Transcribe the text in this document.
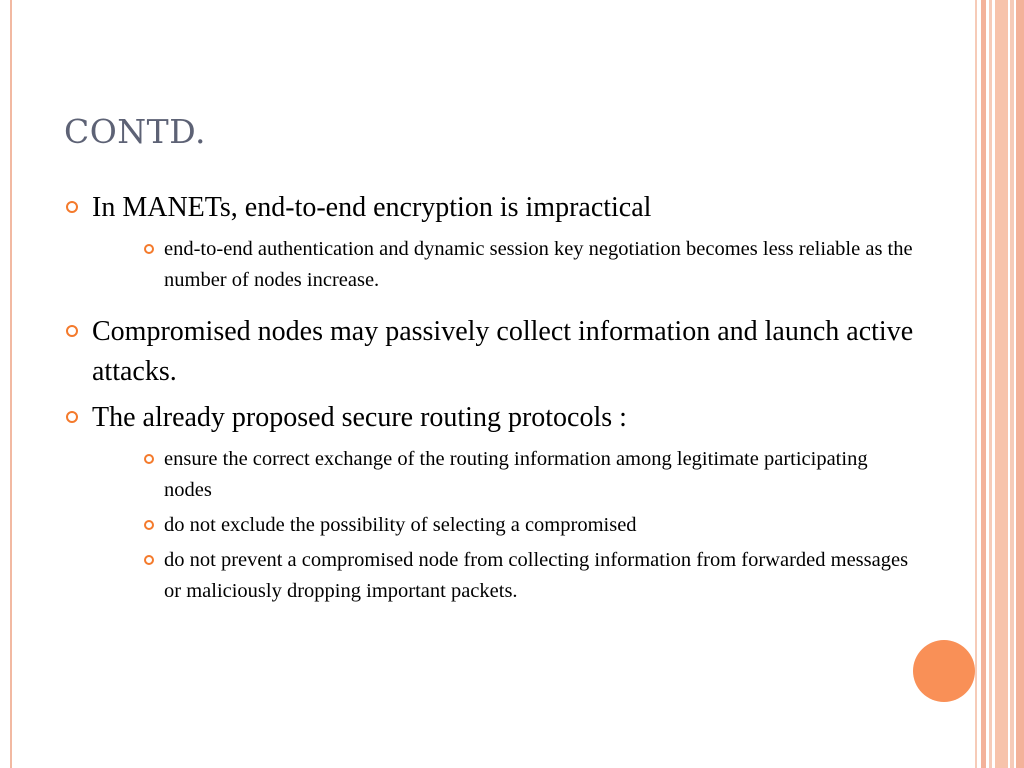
CONTD.
In MANETs, end-to-end encryption is impractical
end-to-end authentication and dynamic session key negotiation becomes less reliable as the number of nodes increase.
Compromised nodes may passively collect information and launch active attacks.
The already proposed secure routing protocols :
ensure the correct exchange of the routing information among legitimate participating nodes
do not exclude the possibility of selecting a compromised
do not prevent a compromised node from collecting information from forwarded messages or maliciously dropping important packets.
